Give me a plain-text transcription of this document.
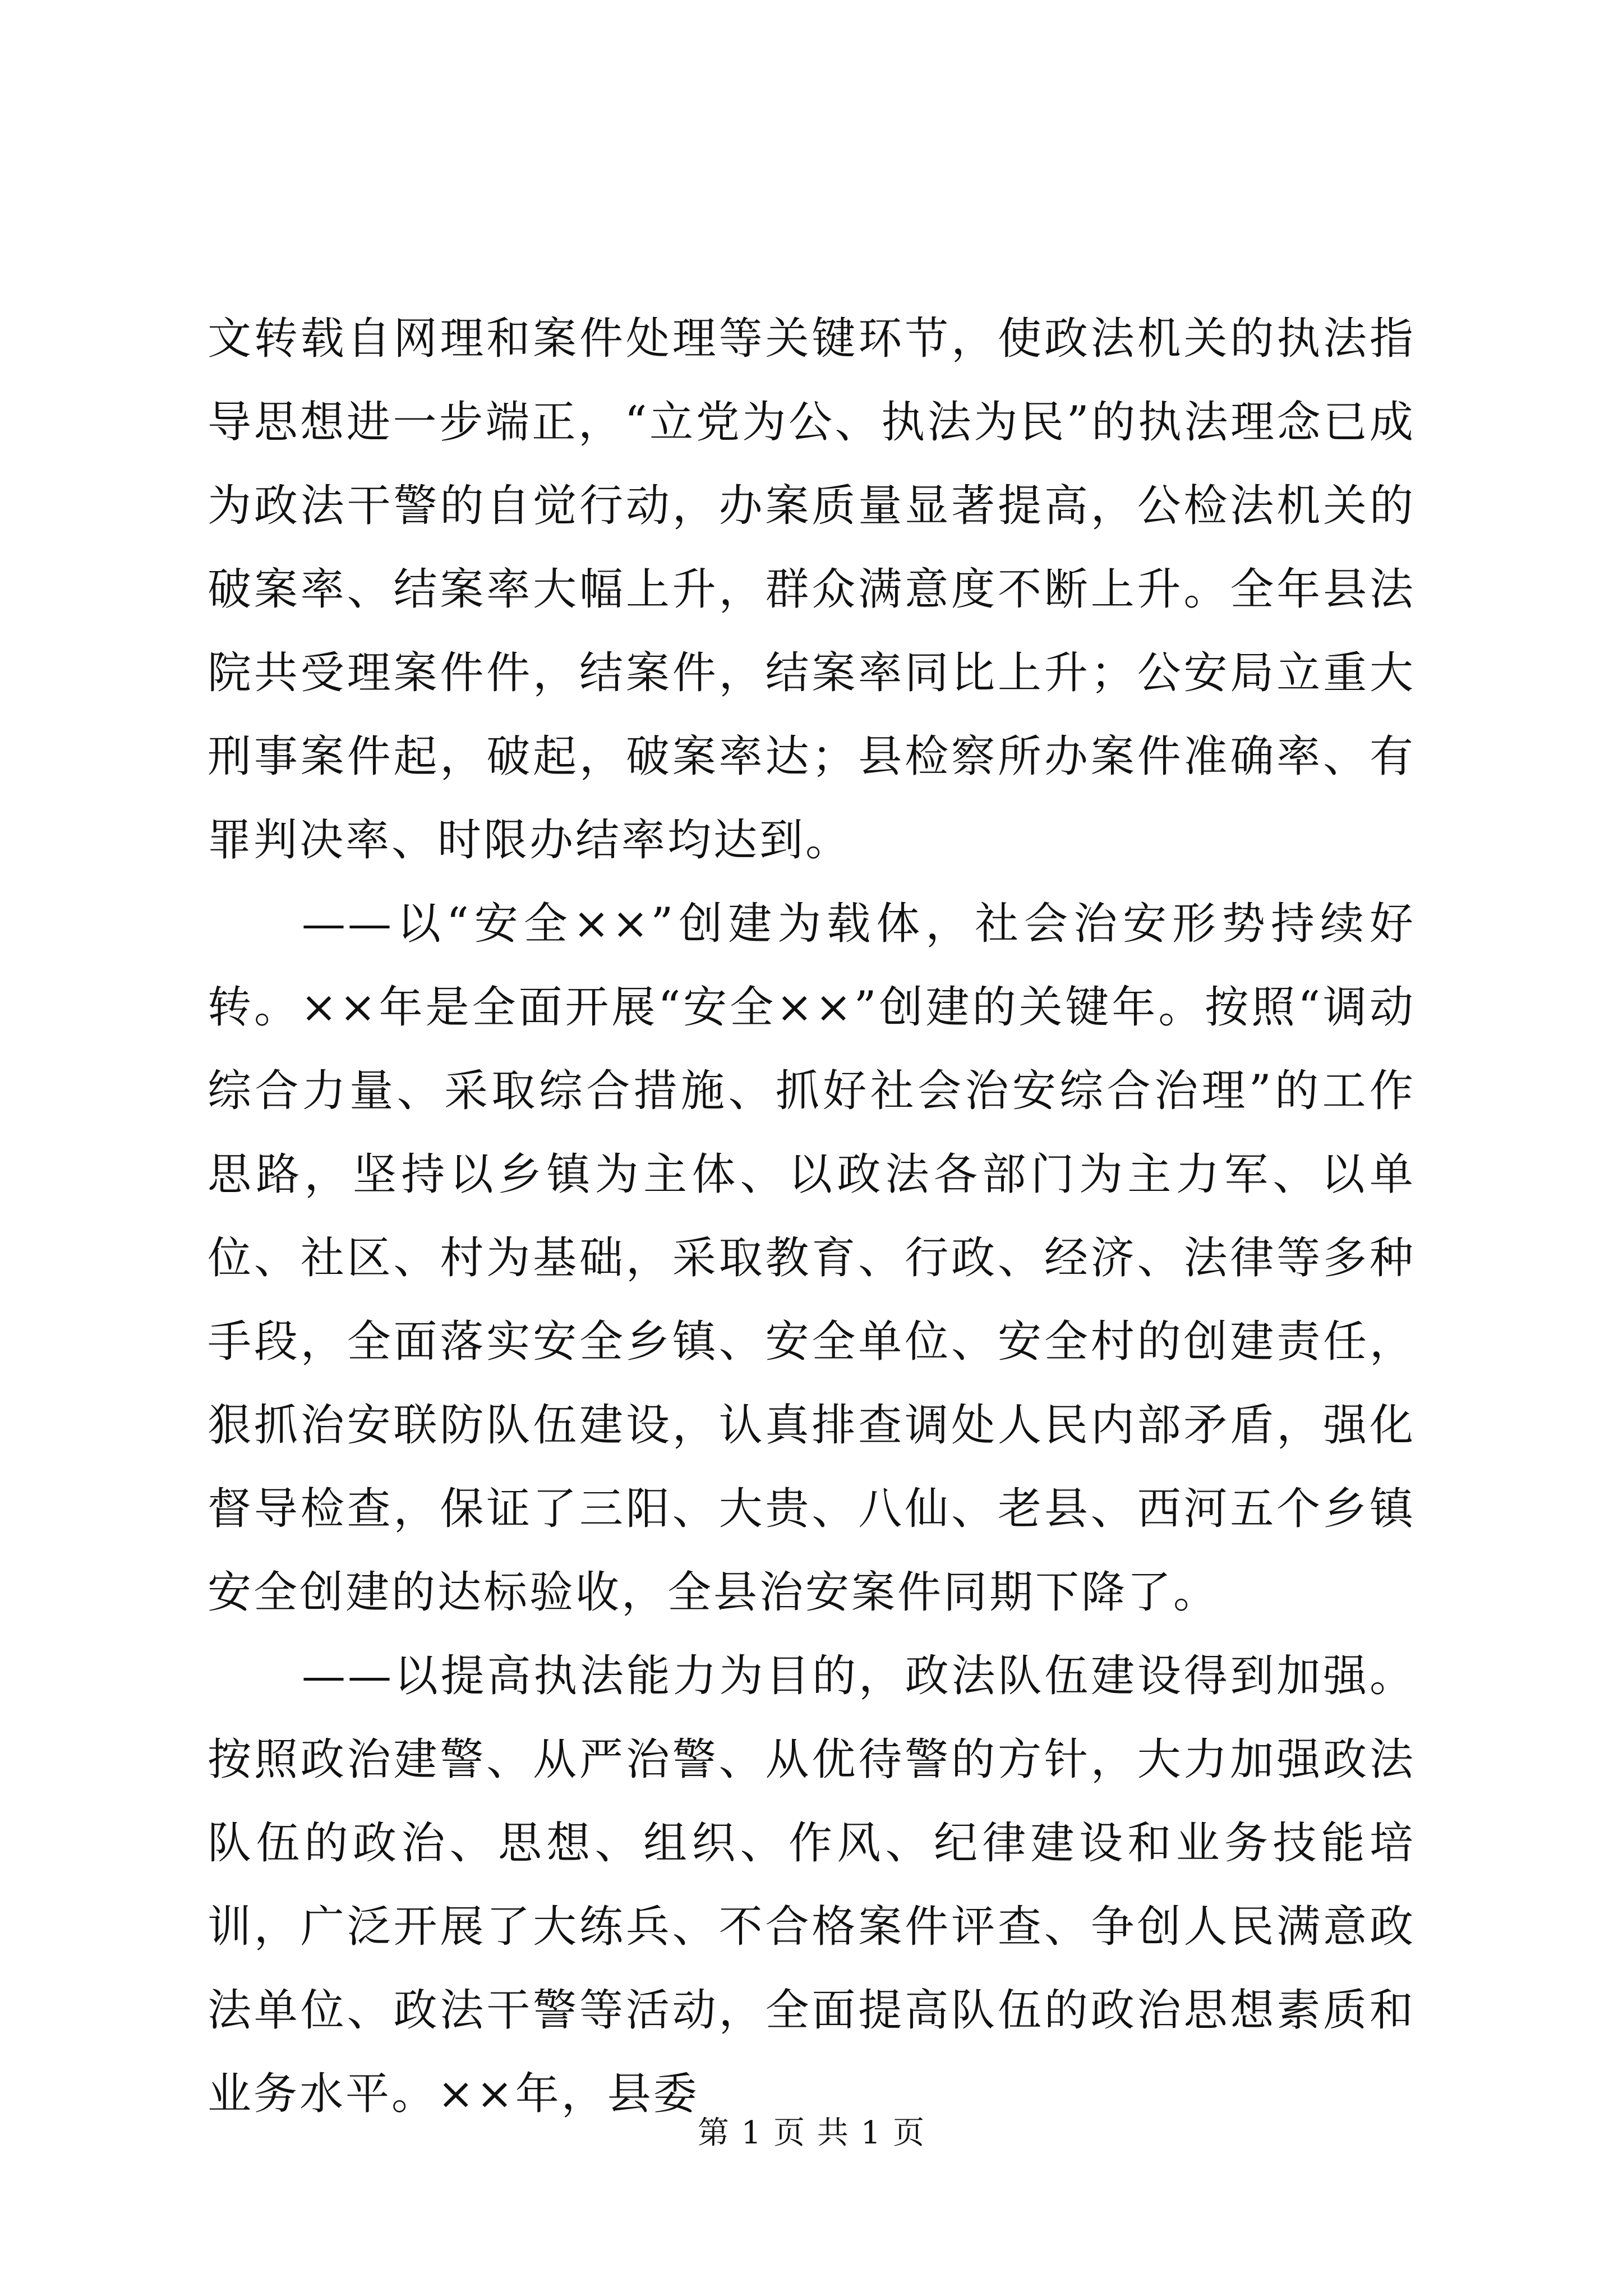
文转载自网理和案件处理等关键环节，使政法机关的执法指导思想进一步端正，“立党为公、执法为民”的执法理念已成为政法干警的自觉行动，办案质量显著提高，公检法机关的破案率、结案率大幅上升，群众满意度不断上升。全年县法院共受理案件件，结案件，结案率同比上升；公安局立重大刑事案件起，破起，破案率达；县检察所办案件准确率、有罪判决率、时限办结率均达到。

——以“安全××”创建为载体，社会治安形势持续好转。××年是全面开展“安全××”创建的关键年。按照“调动综合力量、采取综合措施、抓好社会治安综合治理”的工作思路，坚持以乡镇为主体、以政法各部门为主力军、以单位、社区、村为基础，采取教育、行政、经济、法律等多种手段，全面落实安全乡镇、安全单位、安全村的创建责任，狠抓治安联防队伍建设，认真排查调处人民内部矛盾，强化督导检查，保证了三阳、大贵、八仙、老县、西河五个乡镇安全创建的达标验收，全县治安案件同期下降了。

——以提高执法能力为目的，政法队伍建设得到加强。按照政治建警、从严治警、从优待警的方针，大力加强政法队伍的政治、思想、组织、作风、纪律建设和业务技能培训，广泛开展了大练兵、不合格案件评查、争创人民满意政法单位、政法干警等活动，全面提高队伍的政治思想素质和业务水平。××年，县委

第 1 页 共 1 页
